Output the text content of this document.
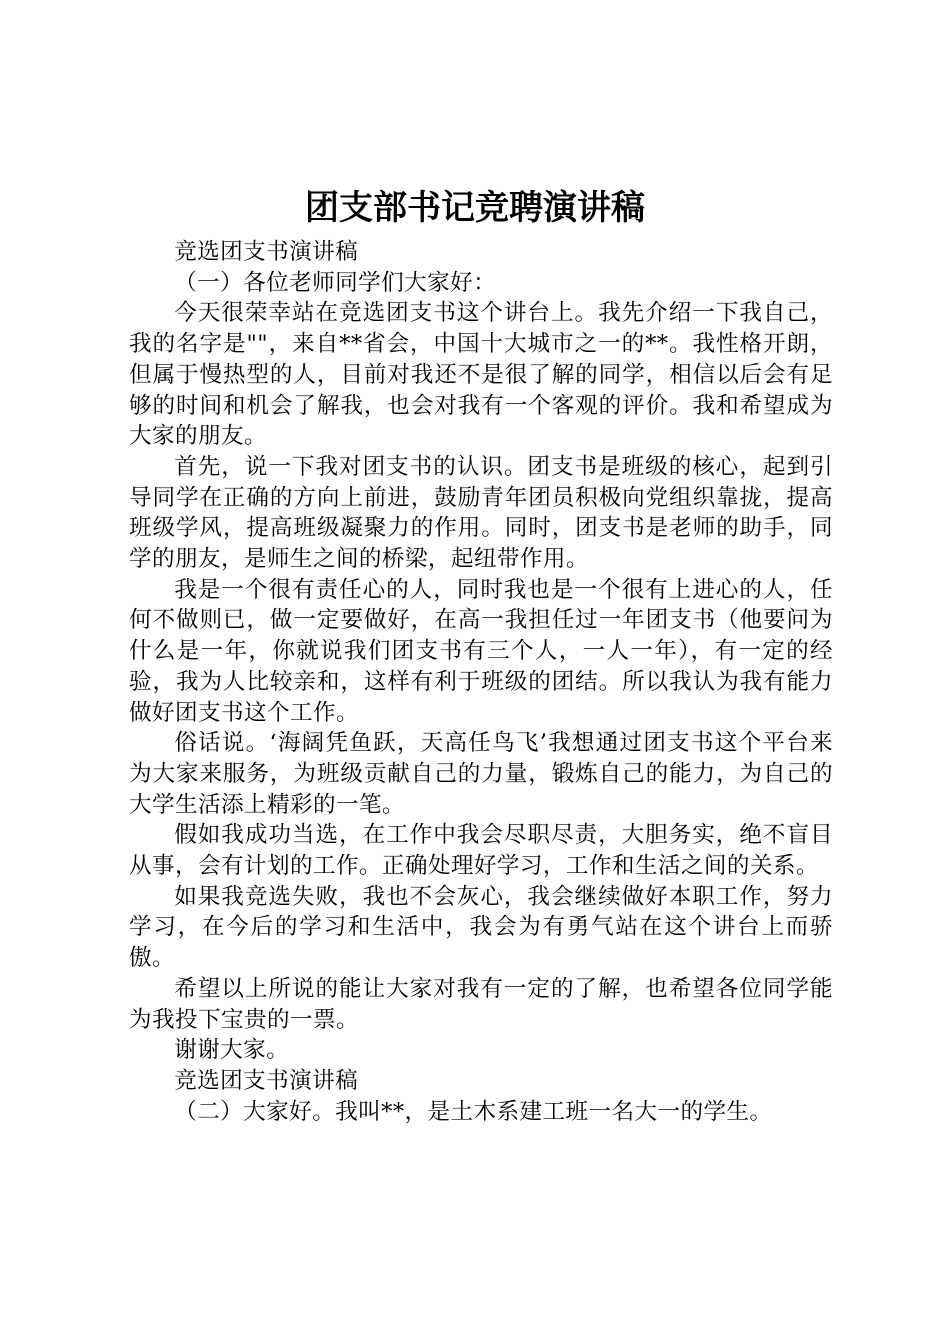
团支部书记竞聘演讲稿

竞选团支书演讲稿

（一）各位老师同学们大家好：

今天很荣幸站在竞选团支书这个讲台上。我先介绍一下我自己，我的名字是""，来自**省会，中国十大城市之一的**。我性格开朗，但属于慢热型的人，目前对我还不是很了解的同学，相信以后会有足够的时间和机会了解我，也会对我有一个客观的评价。我和希望成为大家的朋友。

首先，说一下我对团支书的认识。团支书是班级的核心，起到引导同学在正确的方向上前进，鼓励青年团员积极向党组织靠拢，提高班级学风，提高班级凝聚力的作用。同时，团支书是老师的助手，同学的朋友，是师生之间的桥梁，起纽带作用。

我是一个很有责任心的人，同时我也是一个很有上进心的人，任何不做则已，做一定要做好，在高一我担任过一年团支书（他要问为什么是一年，你就说我们团支书有三个人，一人一年），有一定的经验，我为人比较亲和，这样有利于班级的团结。所以我认为我有能力做好团支书这个工作。

俗话说。‘海阔凭鱼跃，天高任鸟飞’我想通过团支书这个平台来为大家来服务，为班级贡献自己的力量，锻炼自己的能力，为自己的大学生活添上精彩的一笔。

假如我成功当选，在工作中我会尽职尽责，大胆务实，绝不盲目从事，会有计划的工作。正确处理好学习，工作和生活之间的关系。

如果我竞选失败，我也不会灰心，我会继续做好本职工作，努力学习，在今后的学习和生活中，我会为有勇气站在这个讲台上而骄傲。

希望以上所说的能让大家对我有一定的了解，也希望各位同学能为我投下宝贵的一票。

谢谢大家。

竞选团支书演讲稿

（二）大家好。我叫**，是土木系建工班一名大一的学生。
